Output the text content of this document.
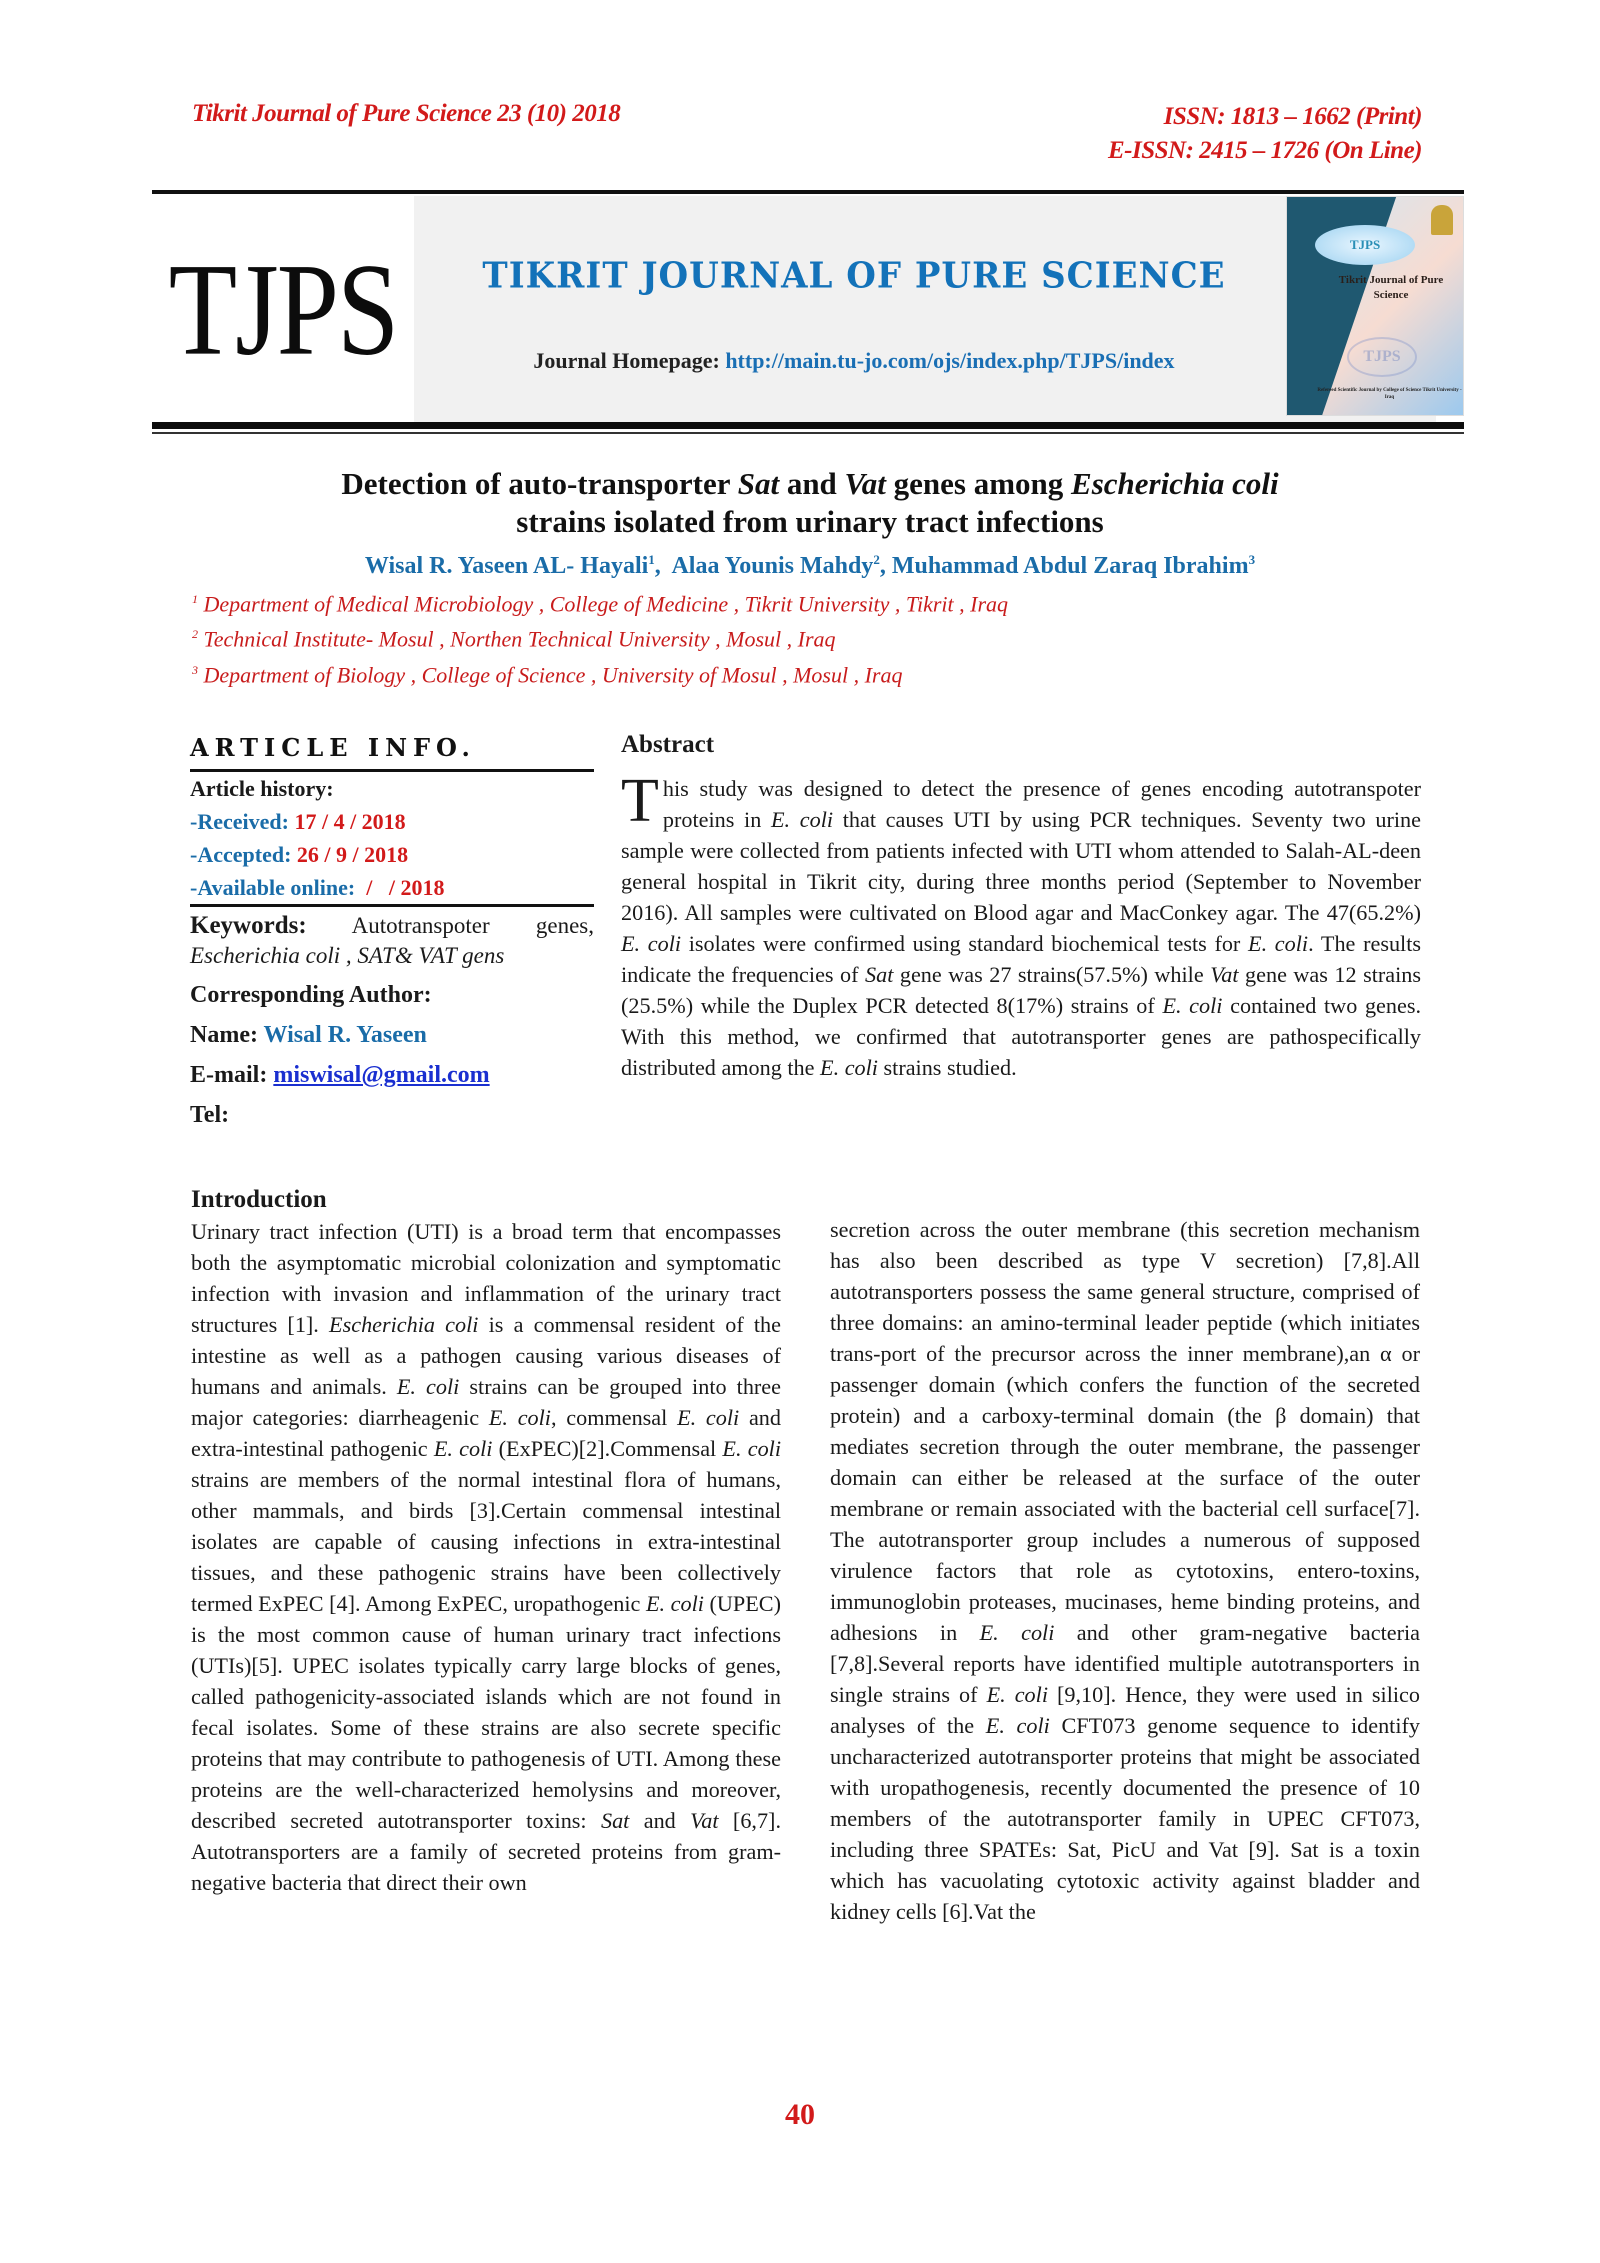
Tikrit Journal of Pure Science 23 (10) 2018	ISSN: 1813 – 1662 (Print)
E-ISSN: 2415 – 1726 (On Line)
TJPS	TIKRIT JOURNAL OF PURE SCIENCE
Journal Homepage: http://main.tu-jo.com/ojs/index.php/TJPS/index
TJPS
Tikrit Journal of Pure Science
TJPS
Refereed Scientific Journal by College of Science Tikrit University - Iraq
Detection of auto-transporter Sat and Vat genes among Escherichia coli
strains isolated from urinary tract infections
Wisal R. Yaseen AL- Hayali$^1$,  Alaa Younis Mahdy$^2$, Muhammad Abdul Zaraq Ibrahim$^3$
$^1$ Department of Medical Microbiology , College of Medicine , Tikrit University , Tikrit , Iraq
$^2$ Technical Institute- Mosul , Northen Technical University , Mosul , Iraq
$^3$ Department of Biology , College of Science , University of Mosul , Mosul , Iraq
ARTICLE INFO.
Article history:
-Received: 17 / 4 / 2018
-Accepted: 26 / 9 / 2018
-Available online:  /   / 2018
Keywords: Autotranspoter genes, Escherichia coli , SAT& VAT gens
Corresponding Author:
Name: Wisal R. Yaseen
E-mail: miswisal@gmail.com
Tel:
Abstract
This study was designed to detect the presence of genes encoding autotranspoter proteins in E. coli that causes UTI by using PCR techniques. Seventy two urine sample were collected from patients infected with UTI whom attended to Salah-AL-deen general hospital in Tikrit city, during three months period (September to November 2016). All samples were cultivated on Blood agar and MacConkey agar. The 47(65.2%) E. coli isolates were confirmed using standard biochemical tests for E. coli. The results indicate the frequencies of Sat gene was 27 strains(57.5%) while Vat gene was 12 strains (25.5%) while the Duplex PCR detected 8(17%) strains of E. coli contained two genes. With this method, we confirmed that autotransporter genes are pathospecifically distributed among the E. coli strains studied.
Introduction
Urinary tract infection (UTI) is a broad term that encompasses both the asymptomatic microbial colonization and symptomatic infection with invasion and inflammation of the urinary tract structures [1]. Escherichia coli is a commensal resident of the intestine as well as a pathogen causing various diseases of humans and animals. E. coli strains can be grouped into three major categories: diarrheagenic E. coli, commensal E. coli and extra-intestinal pathogenic E. coli (ExPEC)[2].Commensal E. coli strains are members of the normal intestinal flora of humans, other mammals, and birds [3].Certain commensal intestinal isolates are capable of causing infections in extra-intestinal tissues, and these pathogenic strains have been collectively termed ExPEC [4]. Among ExPEC, uropathogenic E. coli (UPEC) is the most common cause of human urinary tract infections (UTIs)[5]. UPEC isolates typically carry large blocks of genes, called pathogenicity-associated islands which are not found in fecal isolates. Some of these strains are also secrete specific proteins that may contribute to pathogenesis of UTI. Among these proteins are the well-characterized hemolysins and moreover, described secreted autotransporter toxins: Sat and Vat [6,7]. Autotransporters are a family of secreted proteins from gram-negative bacteria that direct their own
secretion across the outer membrane (this secretion mechanism has also been described as type V secretion) [7,8].All autotransporters possess the same general structure, comprised of three domains: an amino-terminal leader peptide (which initiates trans-port of the precursor across the inner membrane),an α or passenger domain (which confers the function of the secreted protein) and a carboxy-terminal domain (the β domain) that mediates secretion through the outer membrane, the passenger domain can either be released at the surface of the outer membrane or remain associated with the bacterial cell surface[7]. The autotransporter group includes a numerous of supposed virulence factors that role as cytotoxins, entero-toxins, immunoglobin proteases, mucinases, heme binding proteins, and adhesions in E. coli and other gram-negative bacteria [7,8].Several reports have identified multiple autotransporters in single strains of E. coli [9,10]. Hence, they were used in silico analyses of the E. coli CFT073 genome sequence to identify uncharacterized autotransporter proteins that might be associated with uropathogenesis, recently documented the presence of 10 members of the autotransporter family in UPEC CFT073, including three SPATEs: Sat, PicU and Vat [9]. Sat is a toxin which has vacuolating cytotoxic activity against bladder and kidney cells [6].Vat the
40
